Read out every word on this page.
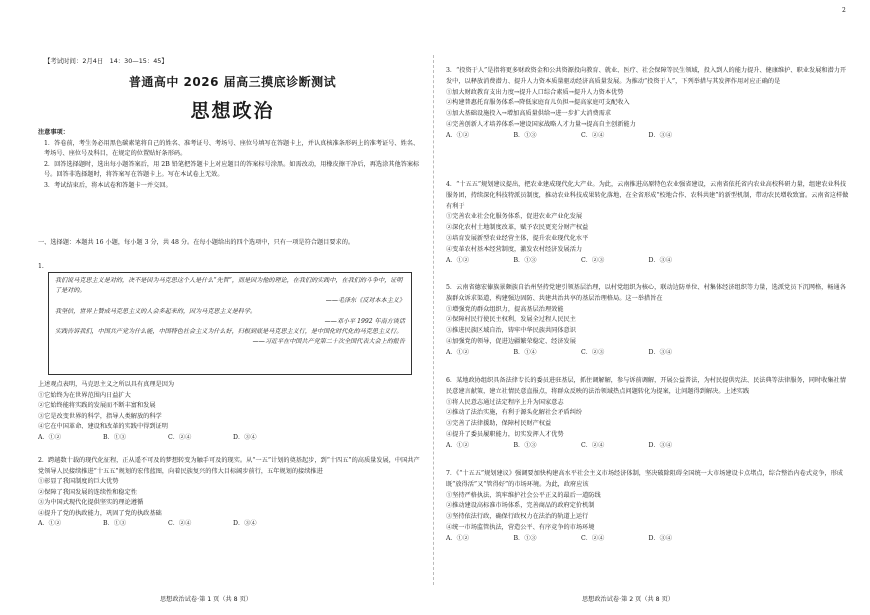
【考试时间：2月4日　14：30—15：45】
普通高中 2026 届高三摸底诊断测试
思想政治
注意事项：
1．答卷前，考生务必用黑色碳素笔将自己的姓名、准考证号、考场号、座位号填写在答题卡上，并认真核准条形码上的准考证号、姓名、考场号、座位号及科目，在规定的位置贴好条形码。
2．回答选择题时，选出每小题答案后，用 2B 铅笔把答题卡上对应题目的答案标号涂黑。如需改动，用橡皮擦干净后，再选涂其他答案标号。回答非选择题时，将答案写在答题卡上。写在本试卷上无效。
3．考试结束后，将本试卷和答题卡一并交回。
一、选择题：本题共 16 小题，每小题 3 分，共 48 分。在每小题给出的四个选项中，只有一项是符合题目要求的。
1.
我们说马克思主义是对的，决不是因为马克思这个人是什么“先哲”，而是因为他的理论，在我们的实践中，在我们的斗争中，证明了是对的。
——毛泽东《反对本本主义》
我坚信，世界上赞成马克思主义的人会多起来的，因为马克思主义是科学。
——邓小平 1992 年南方谈话
实践告诉我们，中国共产党为什么能，中国特色社会主义为什么好，归根到底是马克思主义行，是中国化时代化的马克思主义行。
——习近平在中国共产党第二十次全国代表大会上的报告
上述观点表明，马克思主义之所以具有真理是因为
①它始终为在世界范围内日益扩大
②它始终能将实践的发展而不断丰富和发展
③它是改变世界的科学，指导人类解放的科学
④它在中国革命、建设和改革的实践中得到证明
A．①②	B．①③	C．②④	D．③④
2．跨越数十载的现代化征程，正从遥不可及的梦想转变为触手可及的现实。从“一五”计划的奠基起步，到“十四五”的高质量发展，中国共产党领导人民接续推进“十五五”规划的宏伟蓝图，向着民族复兴的伟大目标阔步前行，五年规划的接续推进
①彰显了我国制度的巨大优势
②保障了我国发展的连续性和稳定性
③为中国式现代化提供坚实的理论遵循
④提升了党的执政能力，巩固了党的执政基础
A．①②	B．①③	C．②④	D．③④
思想政治试卷·第 1 页（共 8 页）
2
3．“投资于人”是指将更多财政资金和公共资源投向教育、就业、医疗、社会保障等民生领域，投入到人的能力提升、健康维护、职业发展和潜力开发中，以释放消费潜力、提升人力资本质量驱动经济高质量发展。为推动“投资于人”，下列举措与其发挥作用对应正确的是
①加大财政教育支出力度→提升人口综合素质→提升人力资本优势
②构建普惠托育服务体系→降低家庭育儿负担→提高家庭可支配收入
③加大基础设施投入→增加高质量供给→进一步扩大消费需求
④完善创新人才培养体系→建设国家战略人才力量→提高自主创新能力
A．①②	B．①③	C．②④	D．③④
4．“十五五”规划建议提出，把农业建成现代化大产业。为此，云南推进高原特色农业强省建设，云南省依托省内农业高校科研力量，组建农业科技服务团，持续深化科技特派员制度，推动农业科技成果转化落地，在全省形成“校地合作、农科共建”的新型机制，带动农民增收致富。云南省这样做有利于
①完善农业社会化服务体系，促进农业产业化发展
②深化农村土地制度改革，赋予农民更充分财产权益
③培育发展新型农业经营主体，提升农业现代化水平
④变革农村基本经营制度，激发农村经济发展活力
A．①②	B．①③	C．②③	D．③④
5．云南省德宏傣族景颇族自治州坚持党建引领基层治理，以村党组织为核心，联动边防单位、村集体经济组织等力量，选派党员下沉网格，畅通各族群众诉求渠道，构建强边固防、共建共治共享的基层治理格局。这一举措旨在
①增强党的群众组织力，提高基层治理效能
②保障村民行使民主权利，发展全过程人民民主
③推进民族区域自治，铸牢中华民族共同体意识
④加强党的领导，促进边疆繁荣稳定、经济发展
A．①②	B．①④	C．②③	D．③④
6．某地政协组织具备法律专长的委员进驻基层，抓住调解解，参与诉前调解，开展公益普法，为村民提供宪法、民法典等法律服务，同时收集社情民意建言献策，建立社情民意直报点，将群众反映的法治领域热点问题转化为提案，让问题得到解决。上述实践
①将人民意志通过法定程序上升为国家意志
②推动了法治实施，有利于源头化解社会矛盾纠纷
③完善了法律援助，保障村民财产权益
④提升了委员履职能力，切实发挥人才优势
A．①②	B．①③	C．②④	D．③④
7．《“十五五”规划建议》强调要加快构建高水平社会主义市场经济体制，坚决破除阻碍全国统一大市场建设卡点堵点，综合整治内卷式竞争，形成既“放得活”又“管得好”的市场环境。为此，政府应该
①坚持严格执法，筑牢维护社会公平正义的最后一道防线
②推动建设高标准市场体系，完善商品的政府定价机制
③坚持依法行政，确保行政权力在法治的轨道上运行
④统一市场监管执法，营造公平、有序竞争的市场环境
A．①②	B．①③	C．②④	D．③④
思想政治试卷·第 2 页（共 8 页）
